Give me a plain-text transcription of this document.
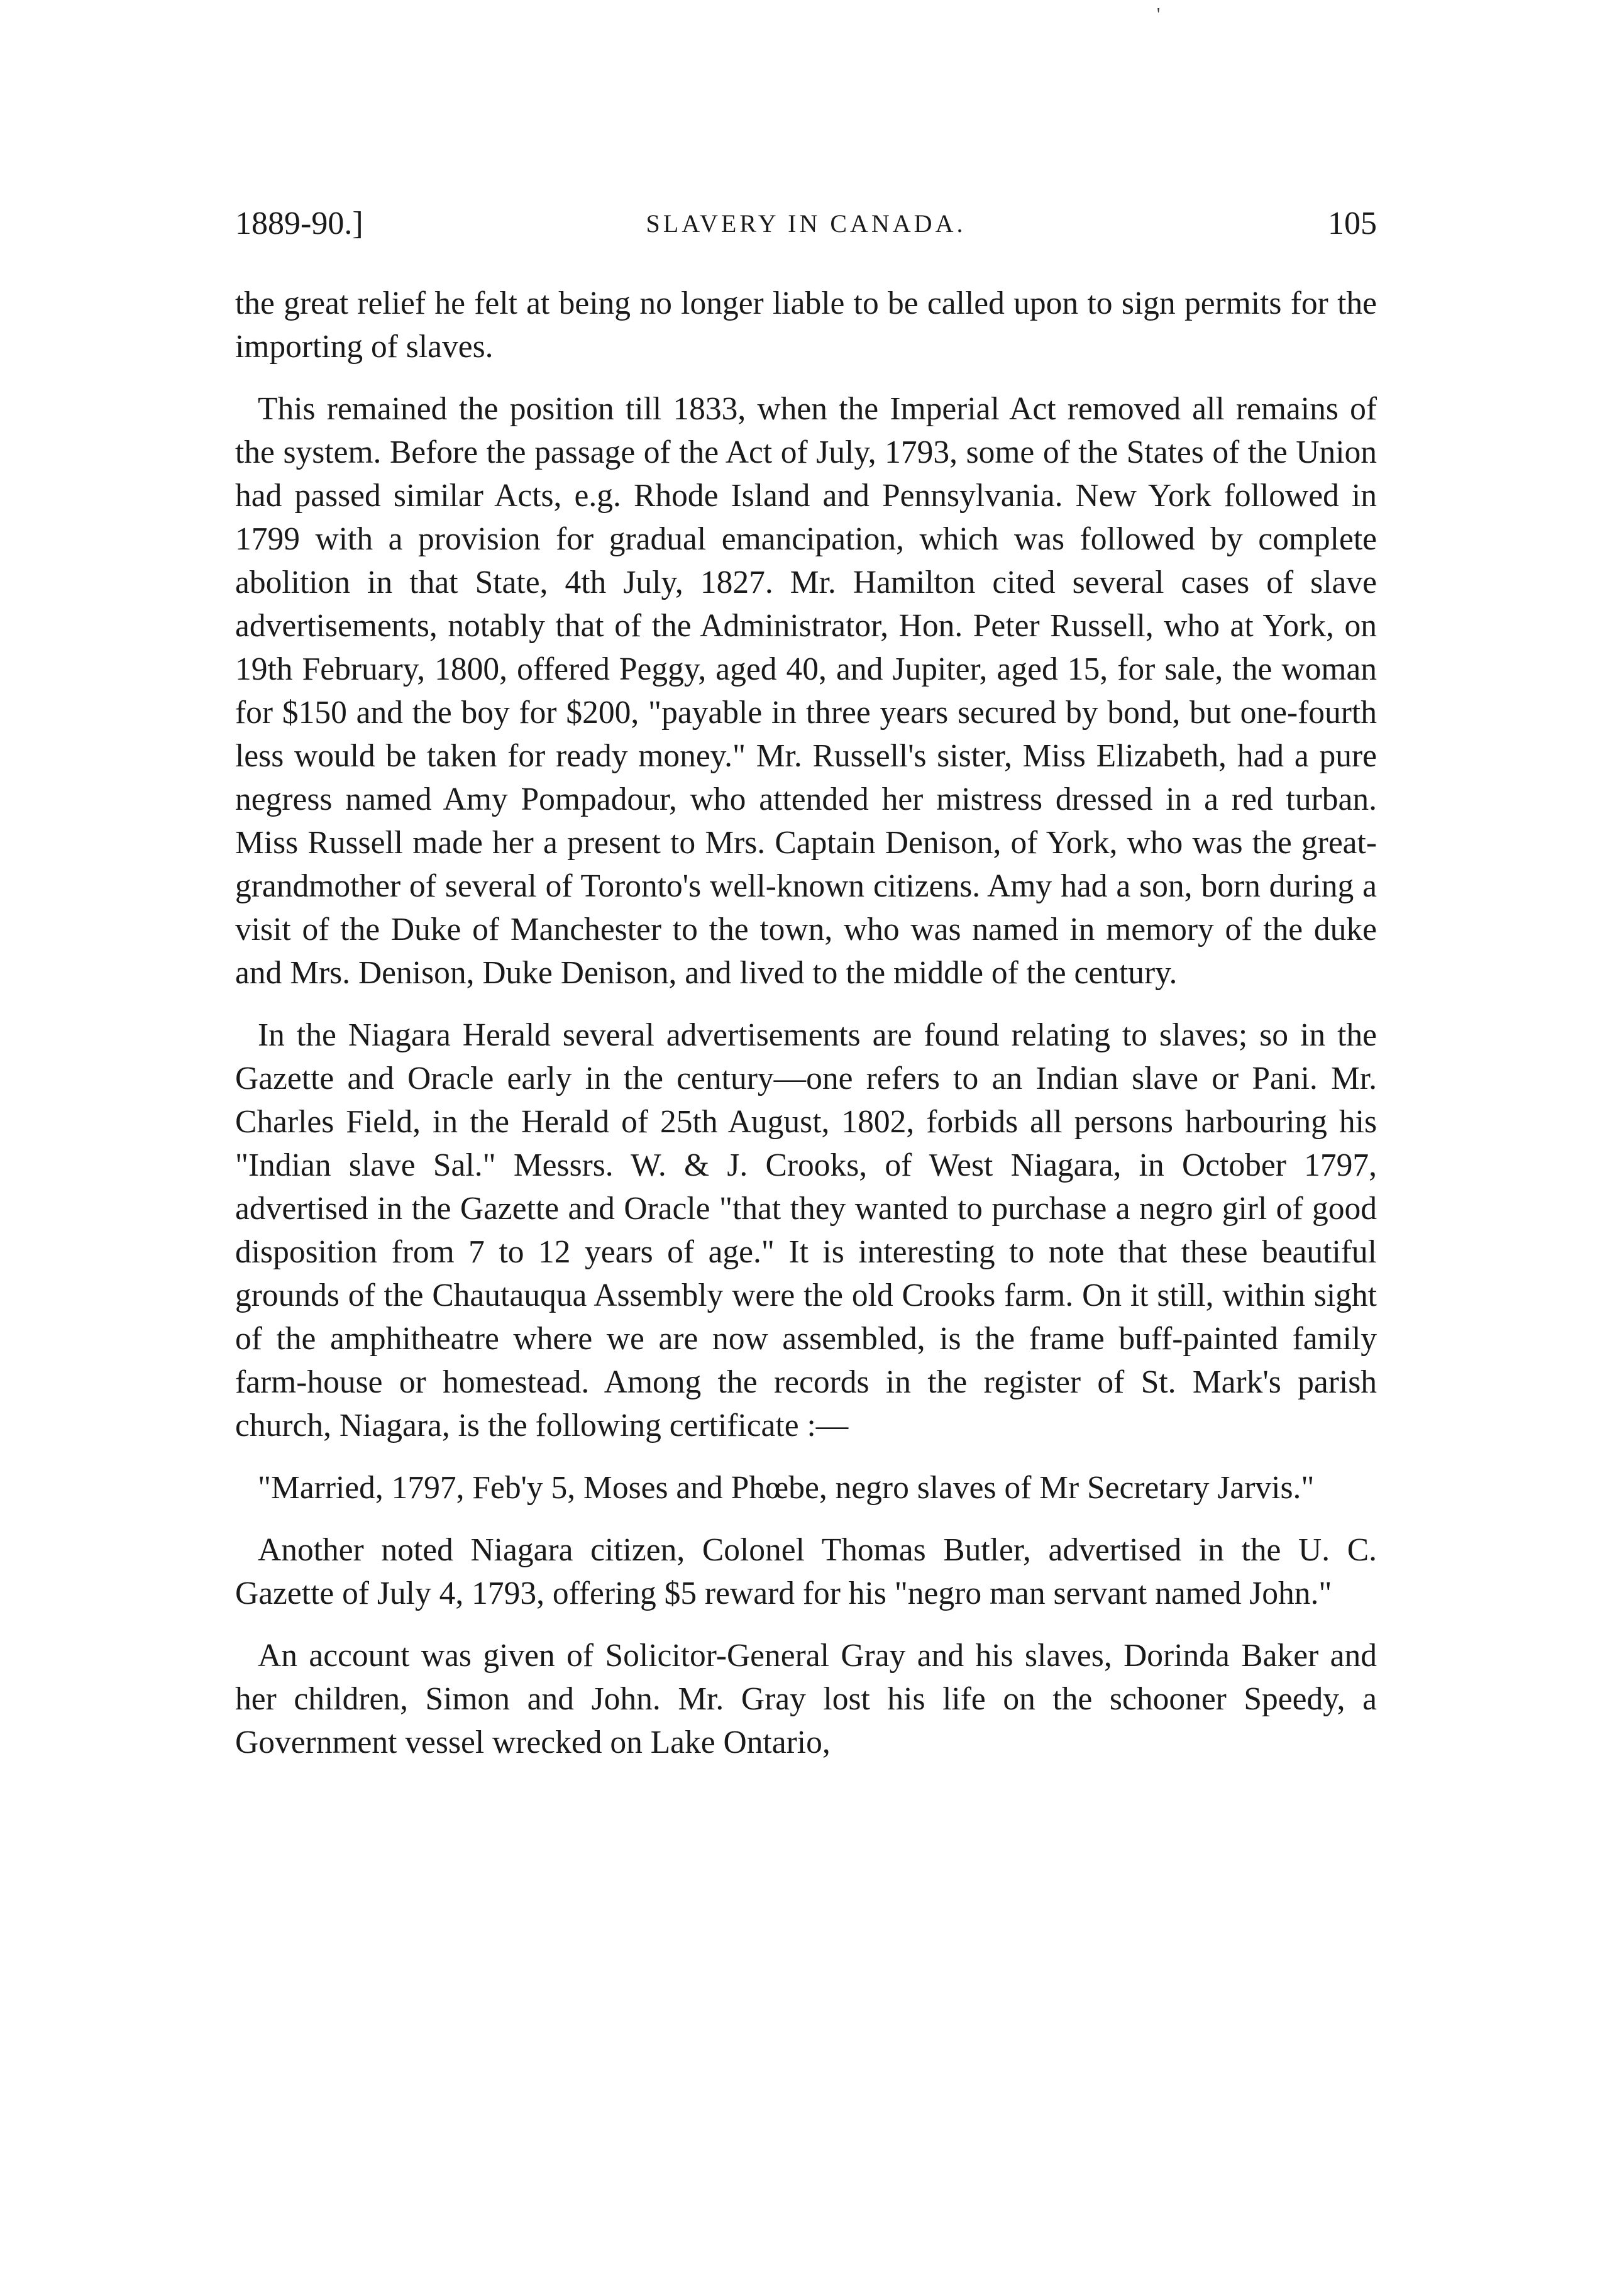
'
1889-90.]	SLAVERY IN CANADA.	105

the great relief he felt at being no longer liable to be called upon to sign permits for the importing of slaves.

This remained the position till 1833, when the Imperial Act removed all remains of the system. Before the passage of the Act of July, 1793, some of the States of the Union had passed similar Acts, e.g. Rhode Island and Pennsylvania. New York followed in 1799 with a provision for gradual emancipation, which was followed by complete abolition in that State, 4th July, 1827. Mr. Hamilton cited several cases of slave advertisements, notably that of the Administrator, Hon. Peter Russell, who at York, on 19th February, 1800, offered Peggy, aged 40, and Jupiter, aged 15, for sale, the woman for $150 and the boy for $200, "payable in three years secured by bond, but one-fourth less would be taken for ready money." Mr. Russell's sister, Miss Elizabeth, had a pure negress named Amy Pompadour, who attended her mistress dressed in a red turban. Miss Russell made her a present to Mrs. Captain Denison, of York, who was the great-grandmother of several of Toronto's well-known citizens. Amy had a son, born during a visit of the Duke of Manchester to the town, who was named in memory of the duke and Mrs. Denison, Duke Denison, and lived to the middle of the century.

In the Niagara Herald several advertisements are found relating to slaves; so in the Gazette and Oracle early in the century—one refers to an Indian slave or Pani. Mr. Charles Field, in the Herald of 25th August, 1802, forbids all persons harbouring his "Indian slave Sal." Messrs. W. & J. Crooks, of West Niagara, in October 1797, advertised in the Gazette and Oracle "that they wanted to purchase a negro girl of good disposition from 7 to 12 years of age." It is interesting to note that these beautiful grounds of the Chautauqua Assembly were the old Crooks farm. On it still, within sight of the amphitheatre where we are now assembled, is the frame buff-painted family farm-house or homestead. Among the records in the register of St. Mark's parish church, Niagara, is the following certificate :—

"Married, 1797, Feb'y 5, Moses and Phœbe, negro slaves of Mr Secretary Jarvis."

Another noted Niagara citizen, Colonel Thomas Butler, advertised in the U. C. Gazette of July 4, 1793, offering $5 reward for his "negro man servant named John."

An account was given of Solicitor-General Gray and his slaves, Dorinda Baker and her children, Simon and John. Mr. Gray lost his life on the schooner Speedy, a Government vessel wrecked on Lake Ontario,
